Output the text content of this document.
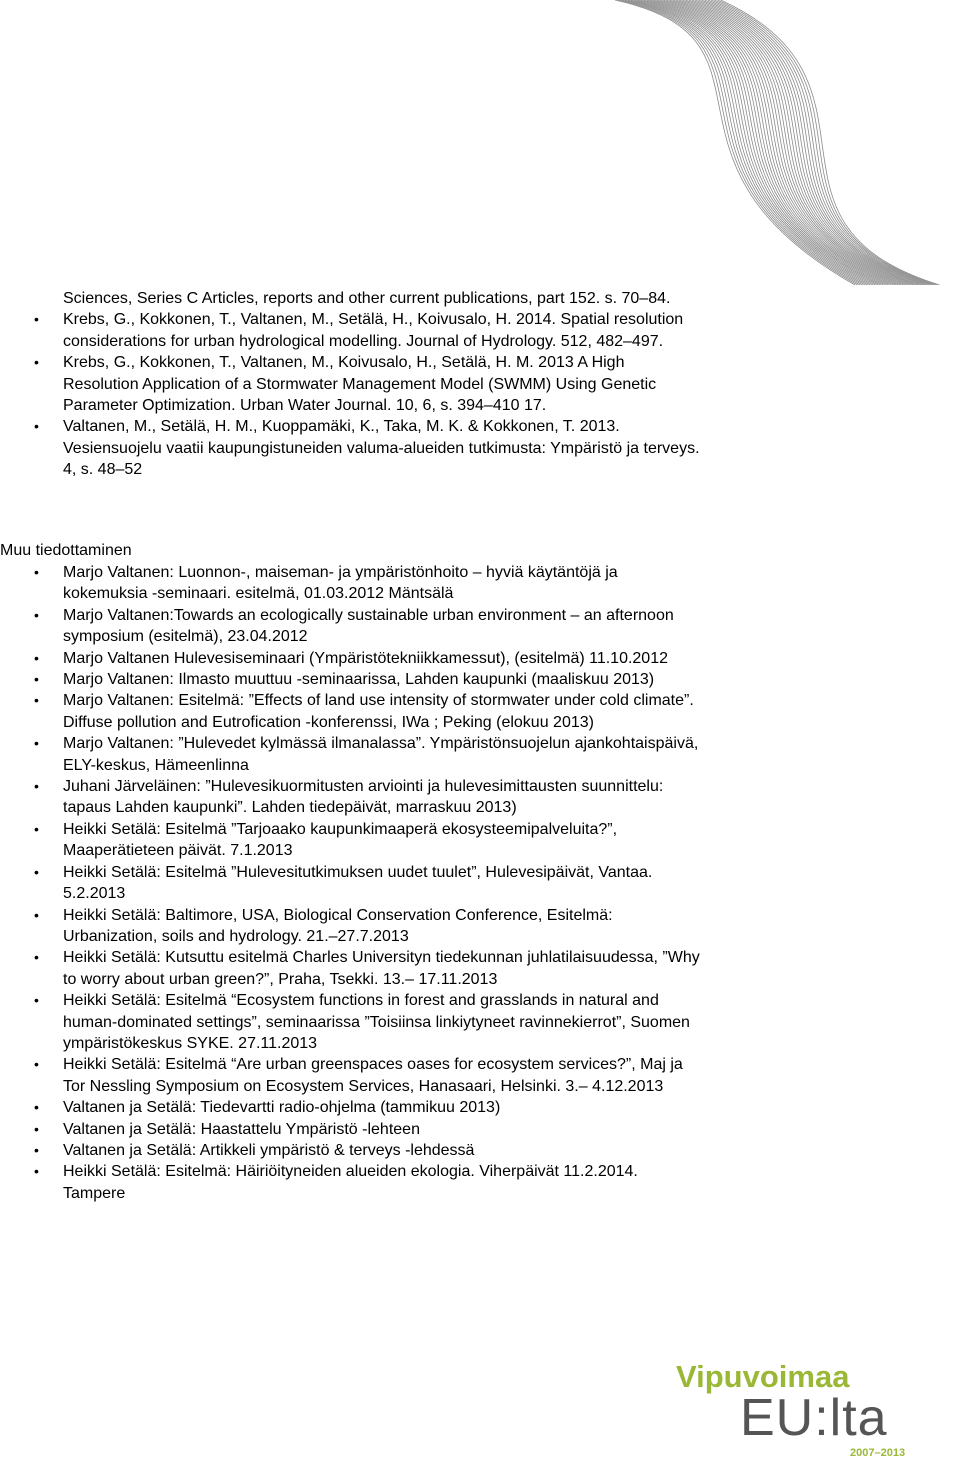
Sciences, Series C Articles, reports and other current publications, part 152. s. 70–84.
• Krebs, G., Kokkonen, T., Valtanen, M., Setälä, H., Koivusalo, H. 2014. Spatial resolution considerations for urban hydrological modelling. Journal of Hydrology. 512, 482–497.
• Krebs, G., Kokkonen, T., Valtanen, M., Koivusalo, H., Setälä, H. M. 2013 A High Resolution Application of a Stormwater Management Model (SWMM) Using Genetic Parameter Optimization. Urban Water Journal. 10, 6, s. 394–410 17.
• Valtanen, M., Setälä, H. M., Kuoppamäki, K., Taka, M. K. & Kokkonen, T. 2013. Vesiensuojelu vaatii kaupungistuneiden valuma-alueiden tutkimusta: Ympäristö ja terveys. 4, s. 48–52
Muu tiedottaminen
• Marjo Valtanen: Luonnon-, maiseman- ja ympäristönhoito – hyviä käytäntöjä ja kokemuksia -seminaari. esitelmä, 01.03.2012 Mäntsälä
• Marjo Valtanen:Towards an ecologically sustainable urban environment – an afternoon symposium (esitelmä), 23.04.2012
• Marjo Valtanen Hulevesiseminaari (Ympäristötekniikkamessut), (esitelmä) 11.10.2012
• Marjo Valtanen: Ilmasto muuttuu -seminaarissa, Lahden kaupunki (maaliskuu 2013)
• Marjo Valtanen: Esitelmä: ”Effects of land use intensity of stormwater under cold climate”. Diffuse pollution and Eutrofication -konferenssi, IWa ; Peking (elokuu 2013)
• Marjo Valtanen: ”Hulevedet kylmässä ilmanalassa”. Ympäristönsuojelun ajankohtaispäivä, ELY-keskus, Hämeenlinna
• Juhani Järveläinen: ”Hulevesikuormitusten arviointi ja hulevesimittausten suunnittelu: tapaus Lahden kaupunki”. Lahden tiedepäivät, marraskuu 2013)
• Heikki Setälä: Esitelmä ”Tarjoaako kaupunkimaaperä ekosysteemipalveluita?”, Maaperätieteen päivät. 7.1.2013
• Heikki Setälä: Esitelmä ”Hulevesitutkimuksen uudet tuulet”, Hulevesipäivät, Vantaa. 5.2.2013
• Heikki Setälä: Baltimore, USA, Biological Conservation Conference, Esitelmä: Urbanization, soils and hydrology. 21.–27.7.2013
• Heikki Setälä: Kutsuttu esitelmä Charles Universityn tiedekunnan juhlatilaisuudessa, ”Why to worry about urban green?”, Praha, Tsekki. 13.– 17.11.2013
• Heikki Setälä: Esitelmä “Ecosystem functions in forest and grasslands in natural and human-dominated settings”, seminaarissa ”Toisiinsa linkiytyneet ravinnekierrot”, Suomen ympäristökeskus SYKE. 27.11.2013
• Heikki Setälä: Esitelmä “Are urban greenspaces oases for ecosystem services?”, Maj ja Tor Nessling Symposium on Ecosystem Services, Hanasaari, Helsinki. 3.– 4.12.2013
• Valtanen ja Setälä: Tiedevartti radio-ohjelma (tammikuu 2013)
• Valtanen ja Setälä: Haastattelu Ympäristö -lehteen
• Valtanen ja Setälä: Artikkeli ympäristö & terveys -lehdessä
• Heikki Setälä: Esitelmä: Häiriöityneiden alueiden ekologia. Viherpäivät 11.2.2014. Tampere
Vipuvoimaa
EU:lta
2007–2013
